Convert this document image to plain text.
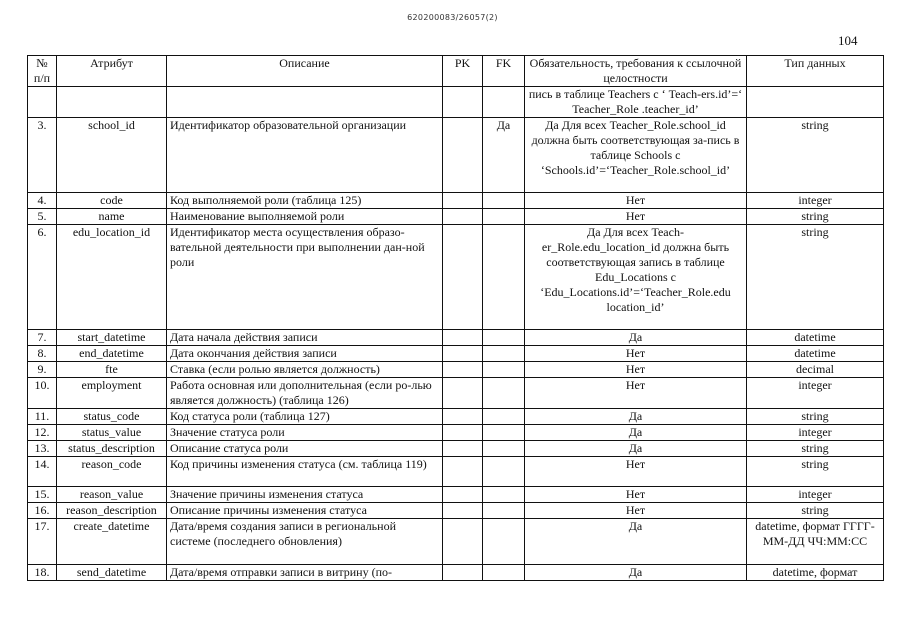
620200083/26057(2)
104
№ п/п	Атрибут	Описание	PK	FK	Обязательность, требования к ссылочной целостности	Тип данных
					пись в таблице Teachers с ‘ Teach-ers.id’=‘ Teacher_Role .teacher_id’	
3.	school_id	Идентификатор образовательной организации		Да	Да Для всех Teacher_Role.school_id должна быть соответствующая за-пись в таблице Schools с ‘Schools.id’=‘Teacher_Role.school_id’	string
4.	code	Код выполняемой роли (таблица 125)			Нет	integer
5.	name	Наименование выполняемой роли			Нет	string
6.	edu_location_id	Идентификатор места осуществления образо-вательной деятельности при выполнении дан-ной роли			Да Для всех Teach-er_Role.edu_location_id должна быть соответствующая запись в таблице Edu_Locations с ‘Edu_Locations.id’=‘Teacher_Role.edu location_id’	string
7.	start_datetime	Дата начала действия записи			Да	datetime
8.	end_datetime	Дата окончания действия записи			Нет	datetime
9.	fte	Ставка (если ролью является должность)			Нет	decimal
10.	employment	Работа основная или дополнительная (если ро-лью является должность) (таблица 126)			Нет	integer
11.	status_code	Код статуса роли (таблица 127)			Да	string
12.	status_value	Значение статуса роли			Да	integer
13.	status_description	Описание статуса роли			Да	string
14.	reason_code	Код причины изменения статуса (см. таблица 119)			Нет	string
15.	reason_value	Значение причины изменения статуса			Нет	integer
16.	reason_description	Описание причины изменения статуса			Нет	string
17.	create_datetime	Дата/время создания записи в региональной системе (последнего обновления)			Да	datetime, формат ГГГГ- ММ-ДД ЧЧ:ММ:СС
18.	send_datetime	Дата/время отправки записи в витрину (по-			Да	datetime, формат
